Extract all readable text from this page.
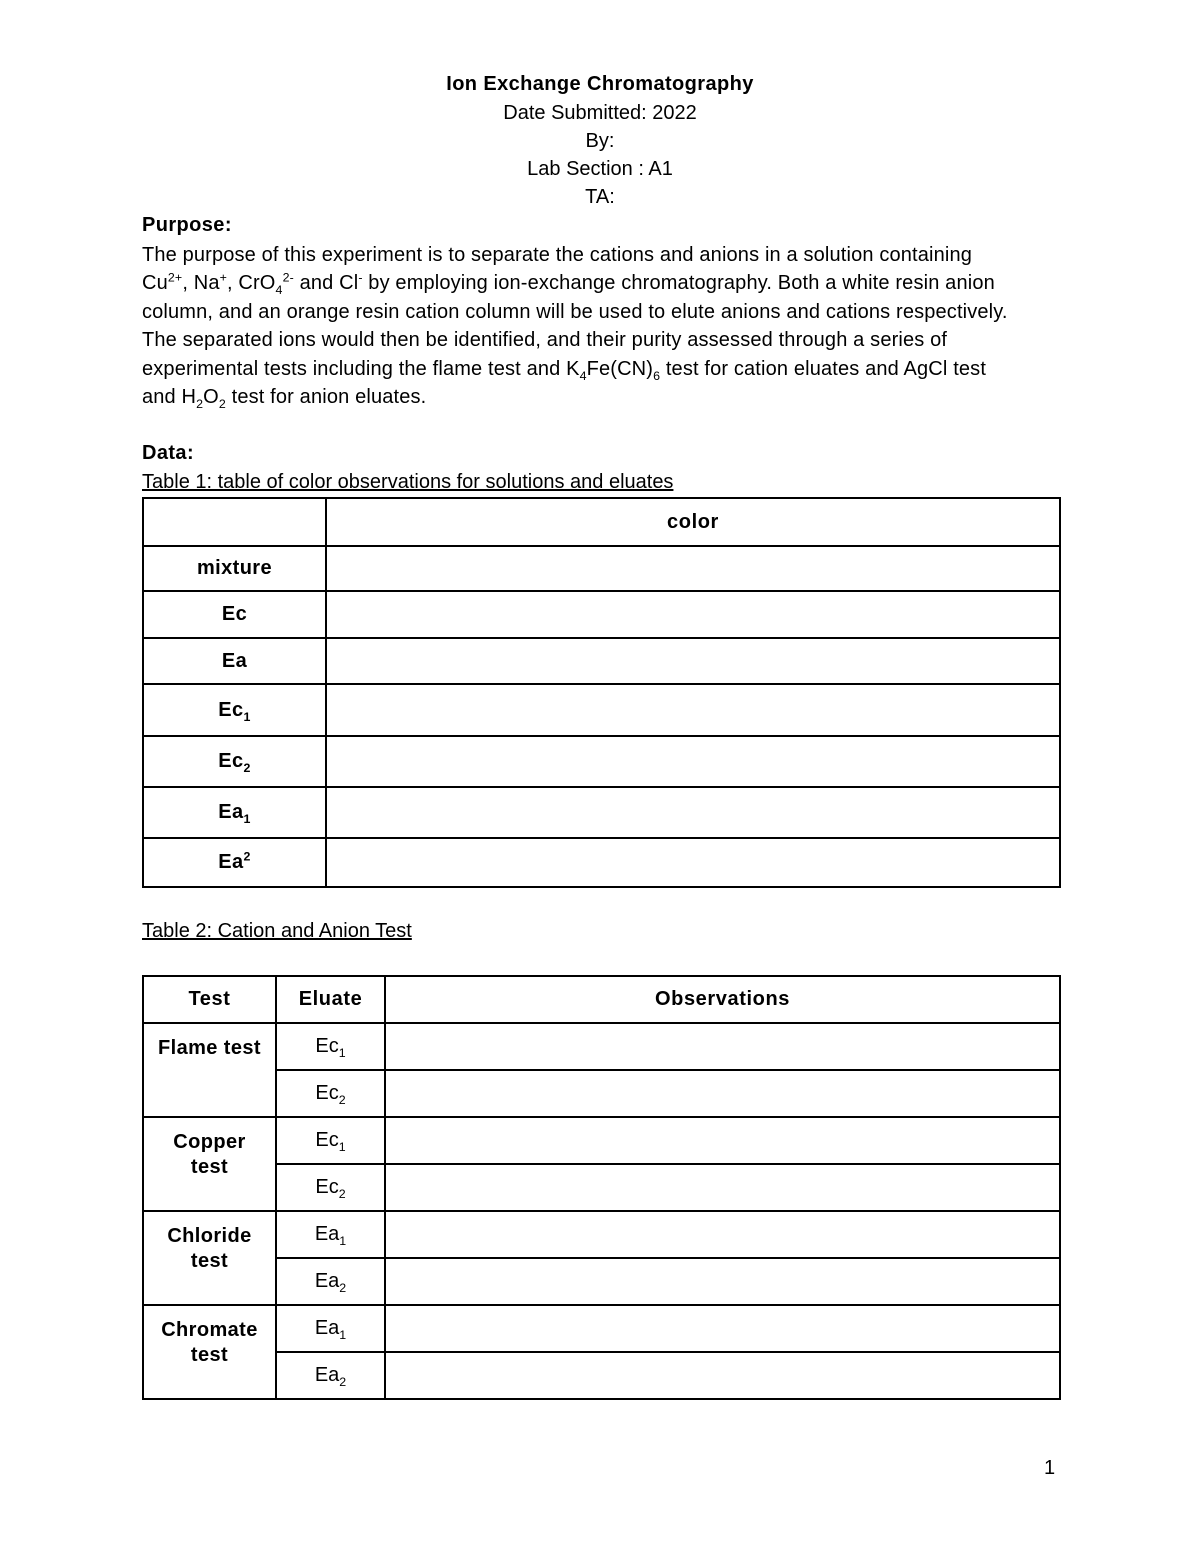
Ion Exchange Chromatography
Date Submitted: 2022
By:
Lab Section : A1
TA:
Purpose:

The purpose of this experiment is to separate the cations and anions in a solution containing

$Cu^{2+}$, Na+, CrO$_4^{2-}$ and Cl- by employing ion-exchange chromatography. Both a white resin anion

column, and an orange resin cation column will be used to elute anions and cations respectively.

The separated ions would then be identified, and their purity assessed through a series of

experimental tests including the flame test and $K_4Fe(CN)_6$ test for cation eluates and AgCl test

and $H_2O_2$ test for anion eluates.

Data:
Table 1: table of color observations for solutions and eluates
	color
mixture	
Ec	
Ea	
$Ec_1$	
$Ec_2$	
$Ea_1$	
Ea$^2$	
Table 2: Cation and Anion Test
Test	Eluate	Observations

Flame test	$Ec_1$	
	$Ec_2$	

Copper
test	$Ec_1$	
	$Ec_2$	

Chloride
test	$Ea_1$	
	$Ea_2$	

Chromate
test	$Ea_1$	
	$Ea_2$	
1
